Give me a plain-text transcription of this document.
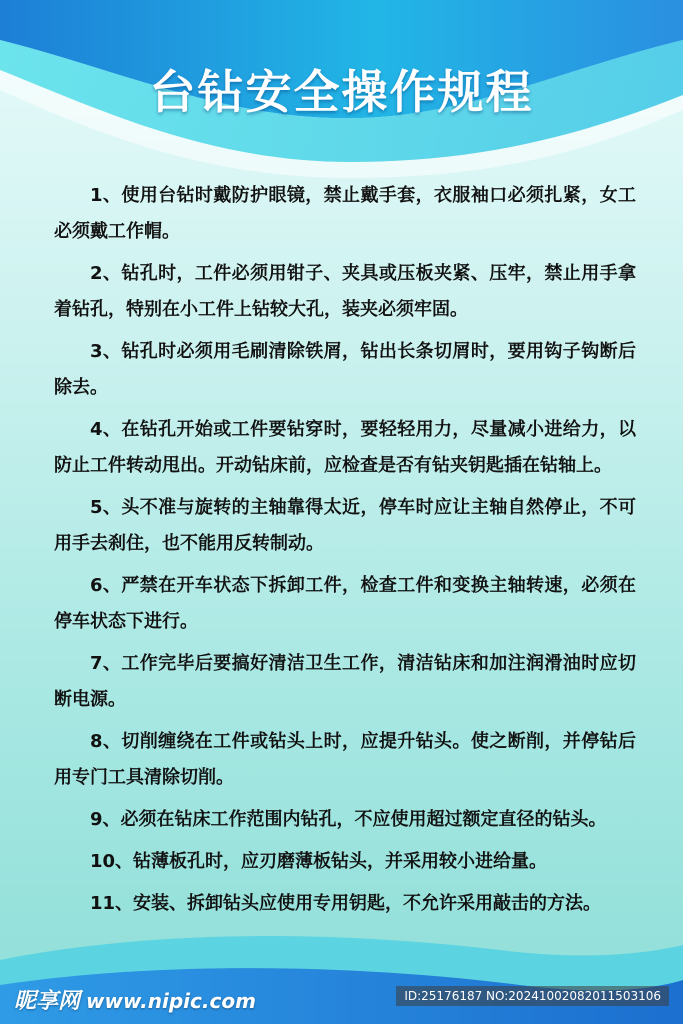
台钻安全操作规程
1、使用台钻时戴防护眼镜，禁止戴手套，衣服袖口必须扎紧，女工必须戴工作帽。
2、钻孔时，工件必须用钳子、夹具或压板夹紧、压牢，禁止用手拿着钻孔，特别在小工件上钻较大孔，装夹必须牢固。
3、钻孔时必须用毛刷清除铁屑，钻出长条切屑时，要用钩子钩断后除去。
4、在钻孔开始或工件要钻穿时，要轻轻用力，尽量减小进给力，以防止工件转动甩出。开动钻床前，应检查是否有钻夹钥匙插在钻轴上。
5、头不准与旋转的主轴靠得太近，停车时应让主轴自然停止，不可用手去刹住，也不能用反转制动。
6、严禁在开车状态下拆卸工件，检查工件和变换主轴转速，必须在停车状态下进行。
7、工作完毕后要搞好清洁卫生工作，清洁钻床和加注润滑油时应切断电源。
8、切削缠绕在工件或钻头上时，应提升钻头。使之断削，并停钻后用专门工具清除切削。
9、必须在钻床工作范围内钻孔，不应使用超过额定直径的钻头。
10、钻薄板孔时，应刃磨薄板钻头，并采用较小进给量。
11、安装、拆卸钻头应使用专用钥匙，不允许采用敲击的方法。
昵享网 www.nipic.com	ID:25176187 NO:20241002082011503106
